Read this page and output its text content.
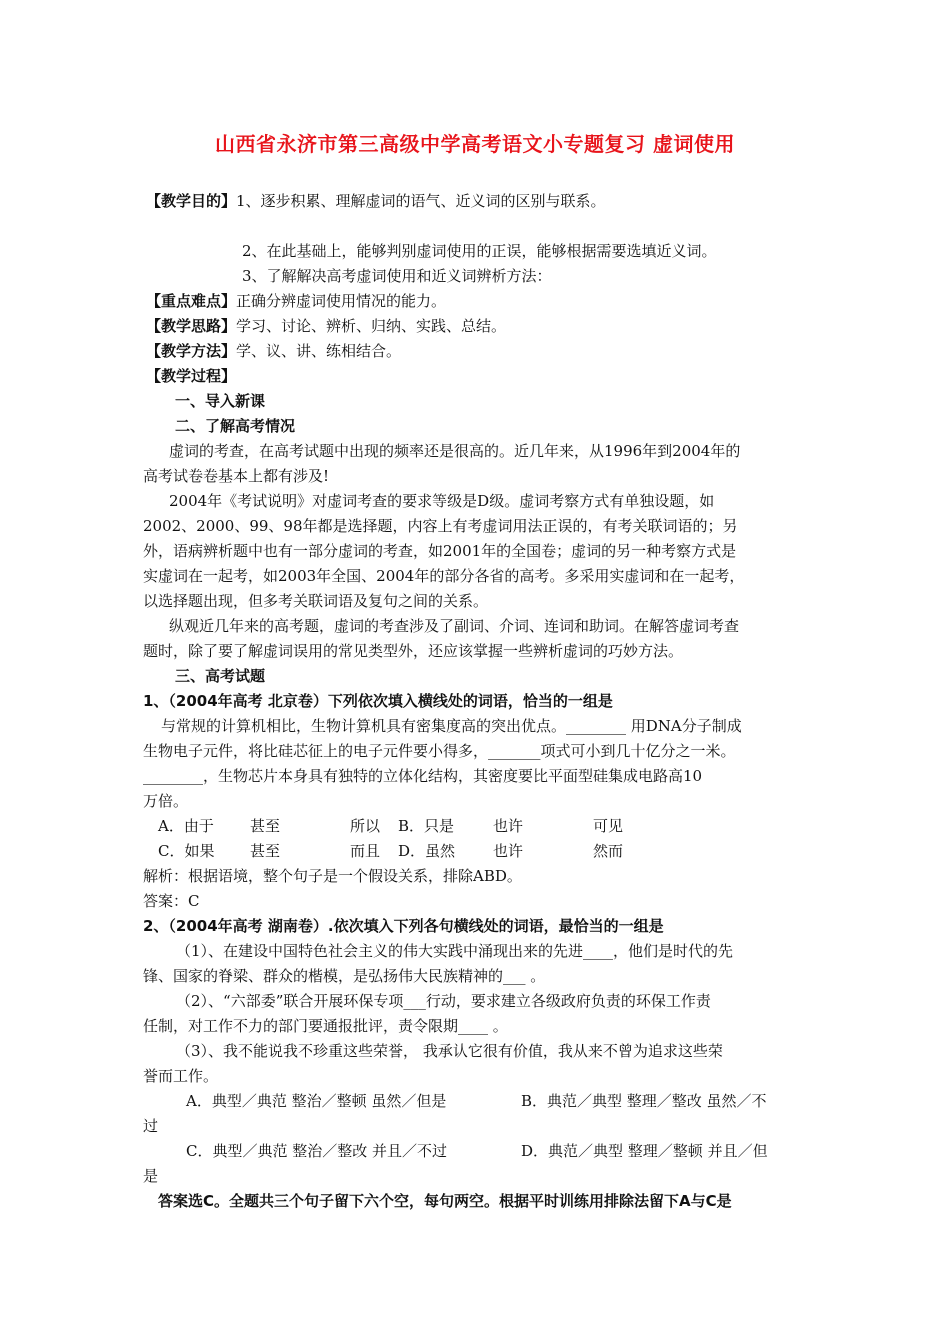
山西省永济市第三高级中学高考语文小专题复习 虚词使用
【教学目的】1、逐步积累、理解虚词的语气、近义词的区别与联系。
2、在此基础上，能够判别虚词使用的正误，能够根据需要选填近义词。
3、了解解决高考虚词使用和近义词辨析方法：
【重点难点】正确分辨虚词使用情况的能力。
【教学思路】学习、讨论、辨析、归纳、实践、总结。
【教学方法】学、议、讲、练相结合。
【教学过程】
一、导入新课
二、了解高考情况
虚词的考查，在高考试题中出现的频率还是很高的。近几年来，从1996年到2004年的
高考试卷卷基本上都有涉及!
2004年《考试说明》对虚词考查的要求等级是D级。虚词考察方式有单独设题，如
2002、2000、99、98年都是选择题，内容上有考虚词用法正误的，有考关联词语的；另
外，语病辨析题中也有一部分虚词的考查，如2001年的全国卷；虚词的另一种考察方式是
实虚词在一起考，如2003年全国、2004年的部分各省的高考。多采用实虚词和在一起考，
以选择题出现，但多考关联词语及复句之间的关系。
纵观近几年来的高考题，虚词的考查涉及了副词、介词、连词和助词。在解答虚词考查
题时，除了要了解虚词误用的常见类型外，还应该掌握一些辨析虚词的巧妙方法。
三、高考试题
1、（2004年高考 北京卷）下列依次填入横线处的词语，恰当的一组是
与常规的计算机相比，生物计算机具有密集度高的突出优点。________ 用DNA分子制成
生物电子元件，将比硅芯征上的电子元件要小得多，_______项式可小到几十亿分之一米。
________，生物芯片本身具有独特的立体化结构，其密度要比平面型硅集成电路高10
万倍。
A．由于 甚至	所以 B．只是	也许	可见
C．如果 甚至	而且 D．虽然	也许	然而
解析：根据语境，整个句子是一个假设关系，排除ABD。
答案：C
2、（2004年高考 湖南卷）.依次填入下列各句横线处的词语，最恰当的一组是
（1）、在建设中国特色社会主义的伟大实践中涌现出来的先进____，他们是时代的先
锋、国家的脊梁、群众的楷模，是弘扬伟大民族精神的___ 。
（2）、“六部委”联合开展环保专项___行动，要求建立各级政府负责的环保工作责
任制，对工作不力的部门要通报批评，责令限期____ 。
（3）、我不能说我不珍重这些荣誉， 我承认它很有价值，我从来不曾为追求这些荣
誉而工作。
A．典型／典范 整治／整顿 虽然／但是	B．典范／典型 整理／整改 虽然／不
过
C．典型／典范 整治／整改 并且／不过	D．典范／典型 整理／整顿 并且／但
是
答案选C。全题共三个句子留下六个空，每句两空。根据平时训练用排除法留下A与C是
